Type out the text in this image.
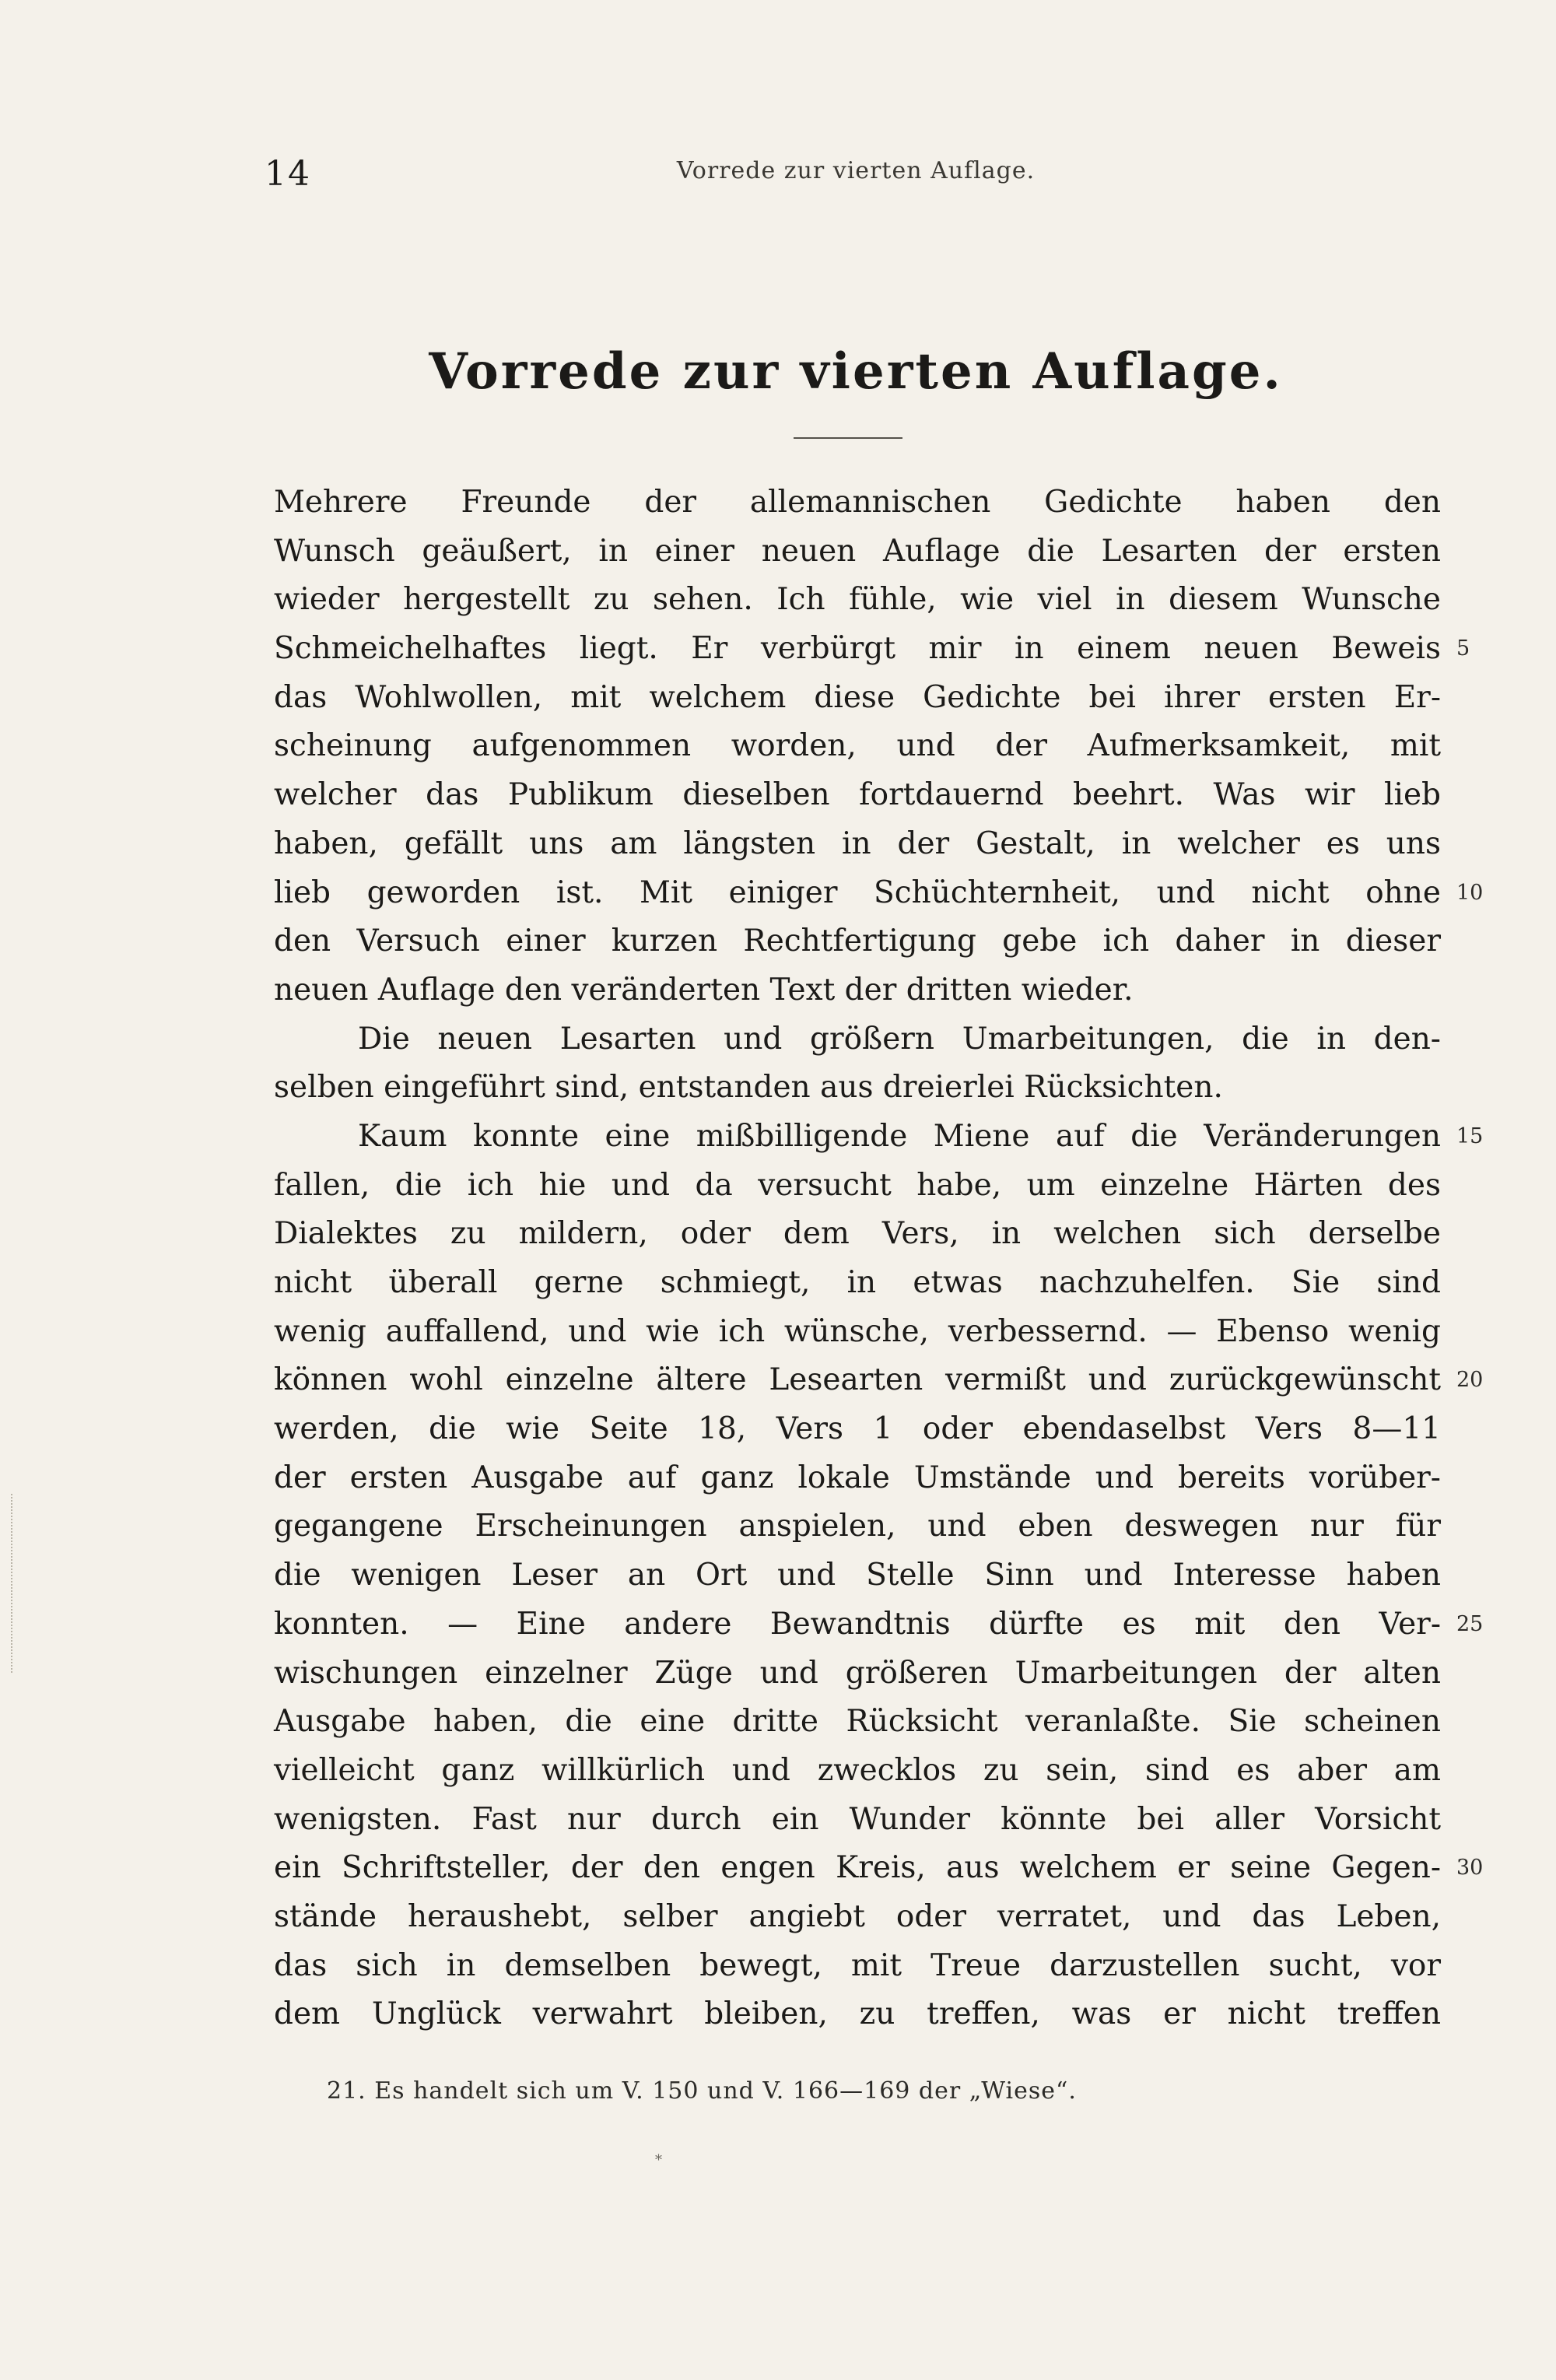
14	Vorrede zur vierten Auflage.
Vorrede zur vierten Auflage.
Mehrere Freunde der allemannischen Gedichte haben den
Wunsch geäußert, in einer neuen Auflage die Lesarten der ersten
wieder hergestellt zu sehen. Ich fühle, wie viel in diesem Wunsche
Schmeichelhaftes liegt. Er verbürgt mir in einem neuen Beweis 5
das Wohlwollen, mit welchem diese Gedichte bei ihrer ersten Er-
scheinung aufgenommen worden, und der Aufmerksamkeit, mit
welcher das Publikum dieselben fortdauernd beehrt. Was wir lieb
haben, gefällt uns am längsten in der Gestalt, in welcher es uns
lieb geworden ist. Mit einiger Schüchternheit, und nicht ohne 10
den Versuch einer kurzen Rechtfertigung gebe ich daher in dieser
neuen Auflage den veränderten Text der dritten wieder.
Die neuen Lesarten und größern Umarbeitungen, die in den-
selben eingeführt sind, entstanden aus dreierlei Rücksichten.
Kaum konnte eine mißbilligende Miene auf die Veränderungen 15
fallen, die ich hie und da versucht habe, um einzelne Härten des
Dialektes zu mildern, oder dem Vers, in welchen sich derselbe
nicht überall gerne schmiegt, in etwas nachzuhelfen. Sie sind
wenig auffallend, und wie ich wünsche, verbessernd. — Ebenso wenig
können wohl einzelne ältere Lesearten vermißt und zurückgewünscht 20
werden, die wie Seite 18, Vers 1 oder ebendaselbst Vers 8—11
der ersten Ausgabe auf ganz lokale Umstände und bereits vorüber-
gegangene Erscheinungen anspielen, und eben deswegen nur für
die wenigen Leser an Ort und Stelle Sinn und Interesse haben
konnten. — Eine andere Bewandtnis dürfte es mit den Ver- 25
wischungen einzelner Züge und größeren Umarbeitungen der alten
Ausgabe haben, die eine dritte Rücksicht veranlaßte. Sie scheinen
vielleicht ganz willkürlich und zwecklos zu sein, sind es aber am
wenigsten. Fast nur durch ein Wunder könnte bei aller Vorsicht
ein Schriftsteller, der den engen Kreis, aus welchem er seine Gegen- 30
stände heraushebt, selber angiebt oder verratet, und das Leben,
das sich in demselben bewegt, mit Treue darzustellen sucht, vor
dem Unglück verwahrt bleiben, zu treffen, was er nicht treffen
21. Es handelt sich um V. 150 und V. 166—169 der „Wiese“.
*
